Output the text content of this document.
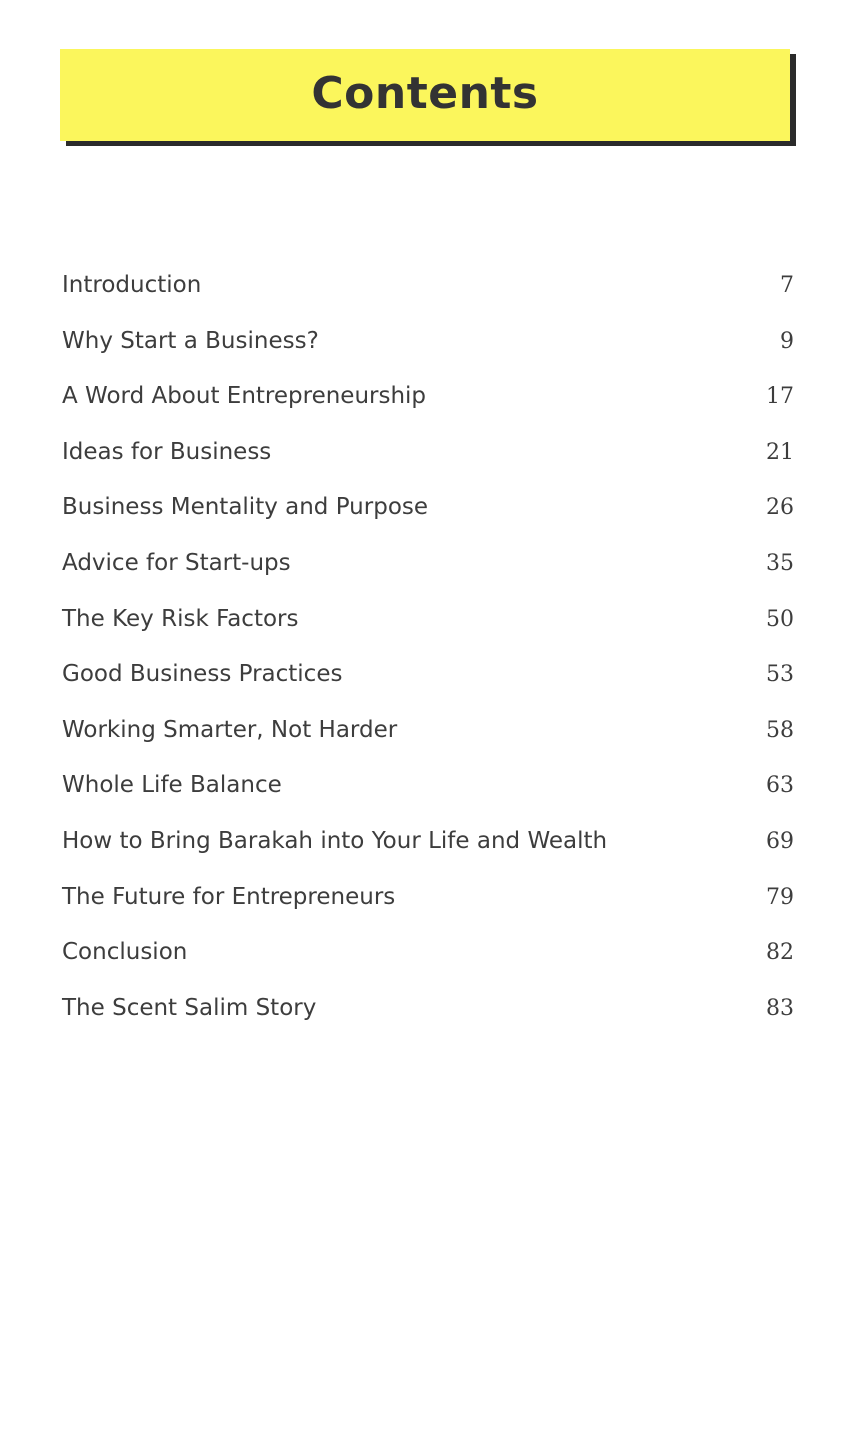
Contents
Introduction	7
Why Start a Business?	9
A Word About Entrepreneurship	17
Ideas for Business	21
Business Mentality and Purpose	26
Advice for Start-ups	35
The Key Risk Factors	50
Good Business Practices	53
Working Smarter, Not Harder	58
Whole Life Balance	63
How to Bring Barakah into Your Life and Wealth	69
The Future for Entrepreneurs	79
Conclusion	82
The Scent Salim Story	83
